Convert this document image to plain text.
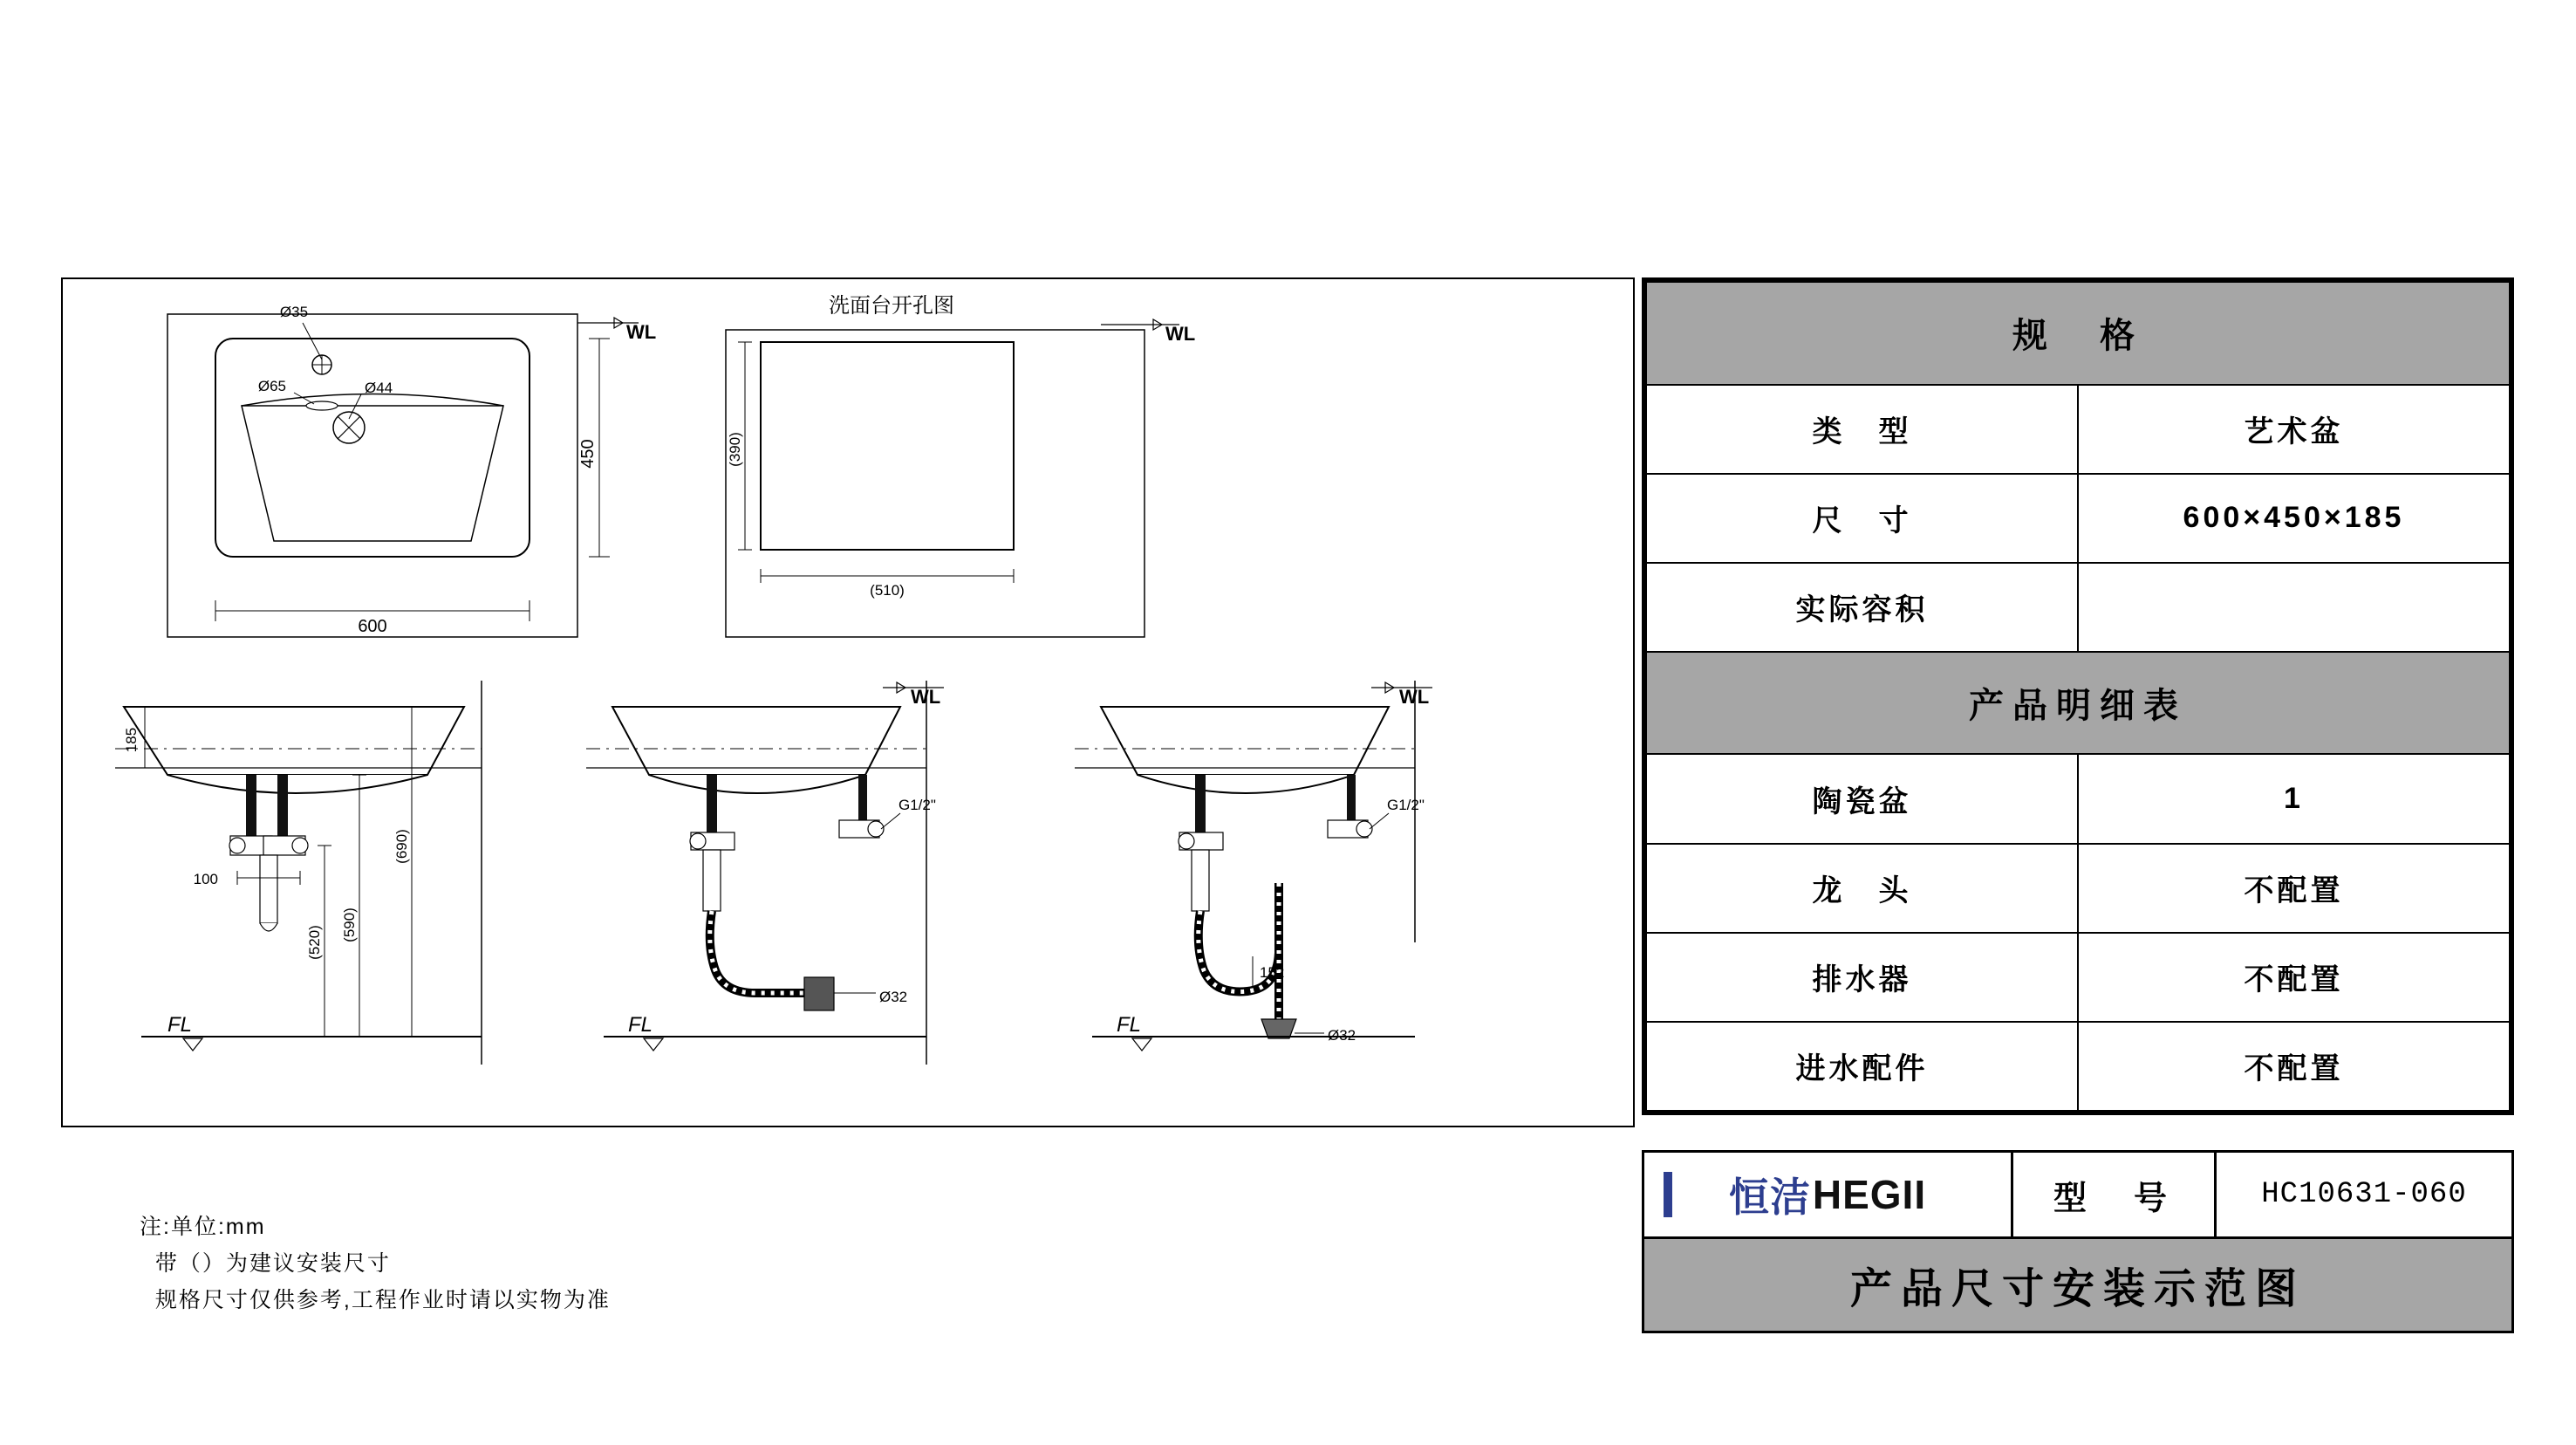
Ø35
Ø65	Ø44
600
450
WL
洗面台开孔图
(390)
(510)
WL
185
100
(520)
(590)
(690)
FL
WL
Ø32
G1/2"
FL
WL
Ø32
152
G1/2"
FL
注:单位:mm
带（）为建议安装尺寸
规格尺寸仅供参考,工程作业时请以实物为准
规　格	
类　型	艺术盆
尺　寸	600×450×185
实际容积	
产品明细表	
陶瓷盆	1
龙　头	不配置
排水器	不配置
进水配件	不配置
恒洁 HEGII	型　号	HC10631-060
产品尺寸安装示范图
